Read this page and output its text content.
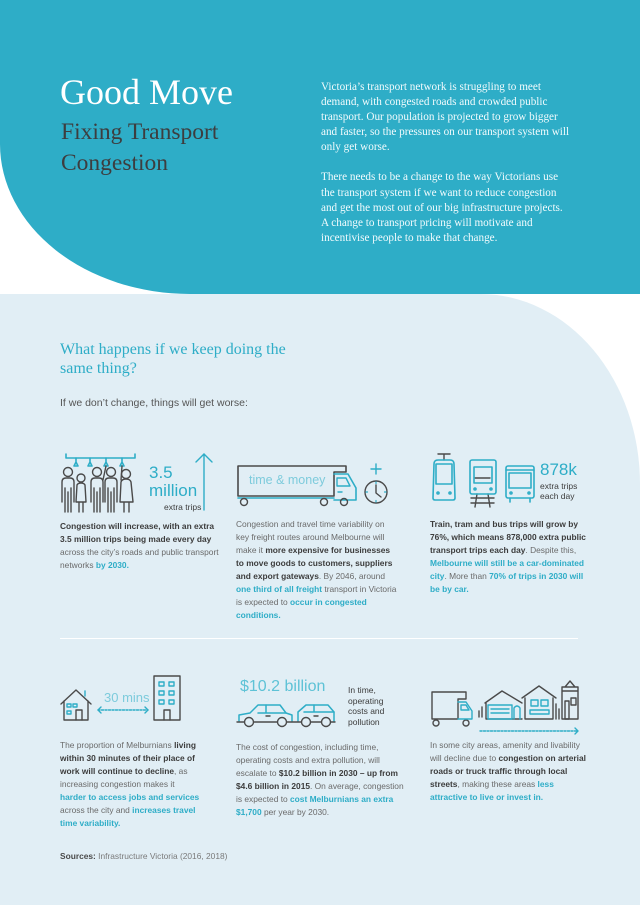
Good Move
Fixing Transport Congestion

Victoria’s transport network is struggling to meet demand, with congested roads and crowded public transport. Our population is projected to grow bigger and faster, so the pressures on our transport system will only get worse.

There needs to be a change to the way Victorians use the transport system if we want to reduce congestion and get the most out of our big infrastructure projects. A change to transport pricing will motivate and incentivise people to make that change.

What happens if we keep doing the same thing?
If we don’t change, things will get worse:
3.5
million
extra trips
Congestion will increase, with an extra 3.5 million trips being made every day across the city’s roads and public transport networks by 2030.
time & money
Congestion and travel time variability on key freight routes around Melbourne will make it more expensive for businesses to move goods to customers, suppliers and export gateways. By 2046, around one third of all freight transport in Victoria is expected to occur in congested conditions.
878k
extra trips
each day
Train, tram and bus trips will grow by 76%, which means 878,000 extra public transport trips each day. Despite this, Melbourne will still be a car-dominated city. More than 70% of trips in 2030 will be by car.
30 mins
The proportion of Melburnians living within 30 minutes of their place of work will continue to decline, as increasing congestion makes it harder to access jobs and services across the city and increases travel time variability.
$10.2 billion	In time, operating costs and pollution
The cost of congestion, including time, operating costs and extra pollution, will escalate to $10.2 billion in 2030 – up from $4.6 billion in 2015. On average, congestion is expected to cost Melburnians an extra $1,700 per year by 2030.
In some city areas, amenity and livability will decline due to congestion on arterial roads or truck traffic through local streets, making these areas less attractive to live or invest in.
Sources: Infrastructure Victoria (2016, 2018)
